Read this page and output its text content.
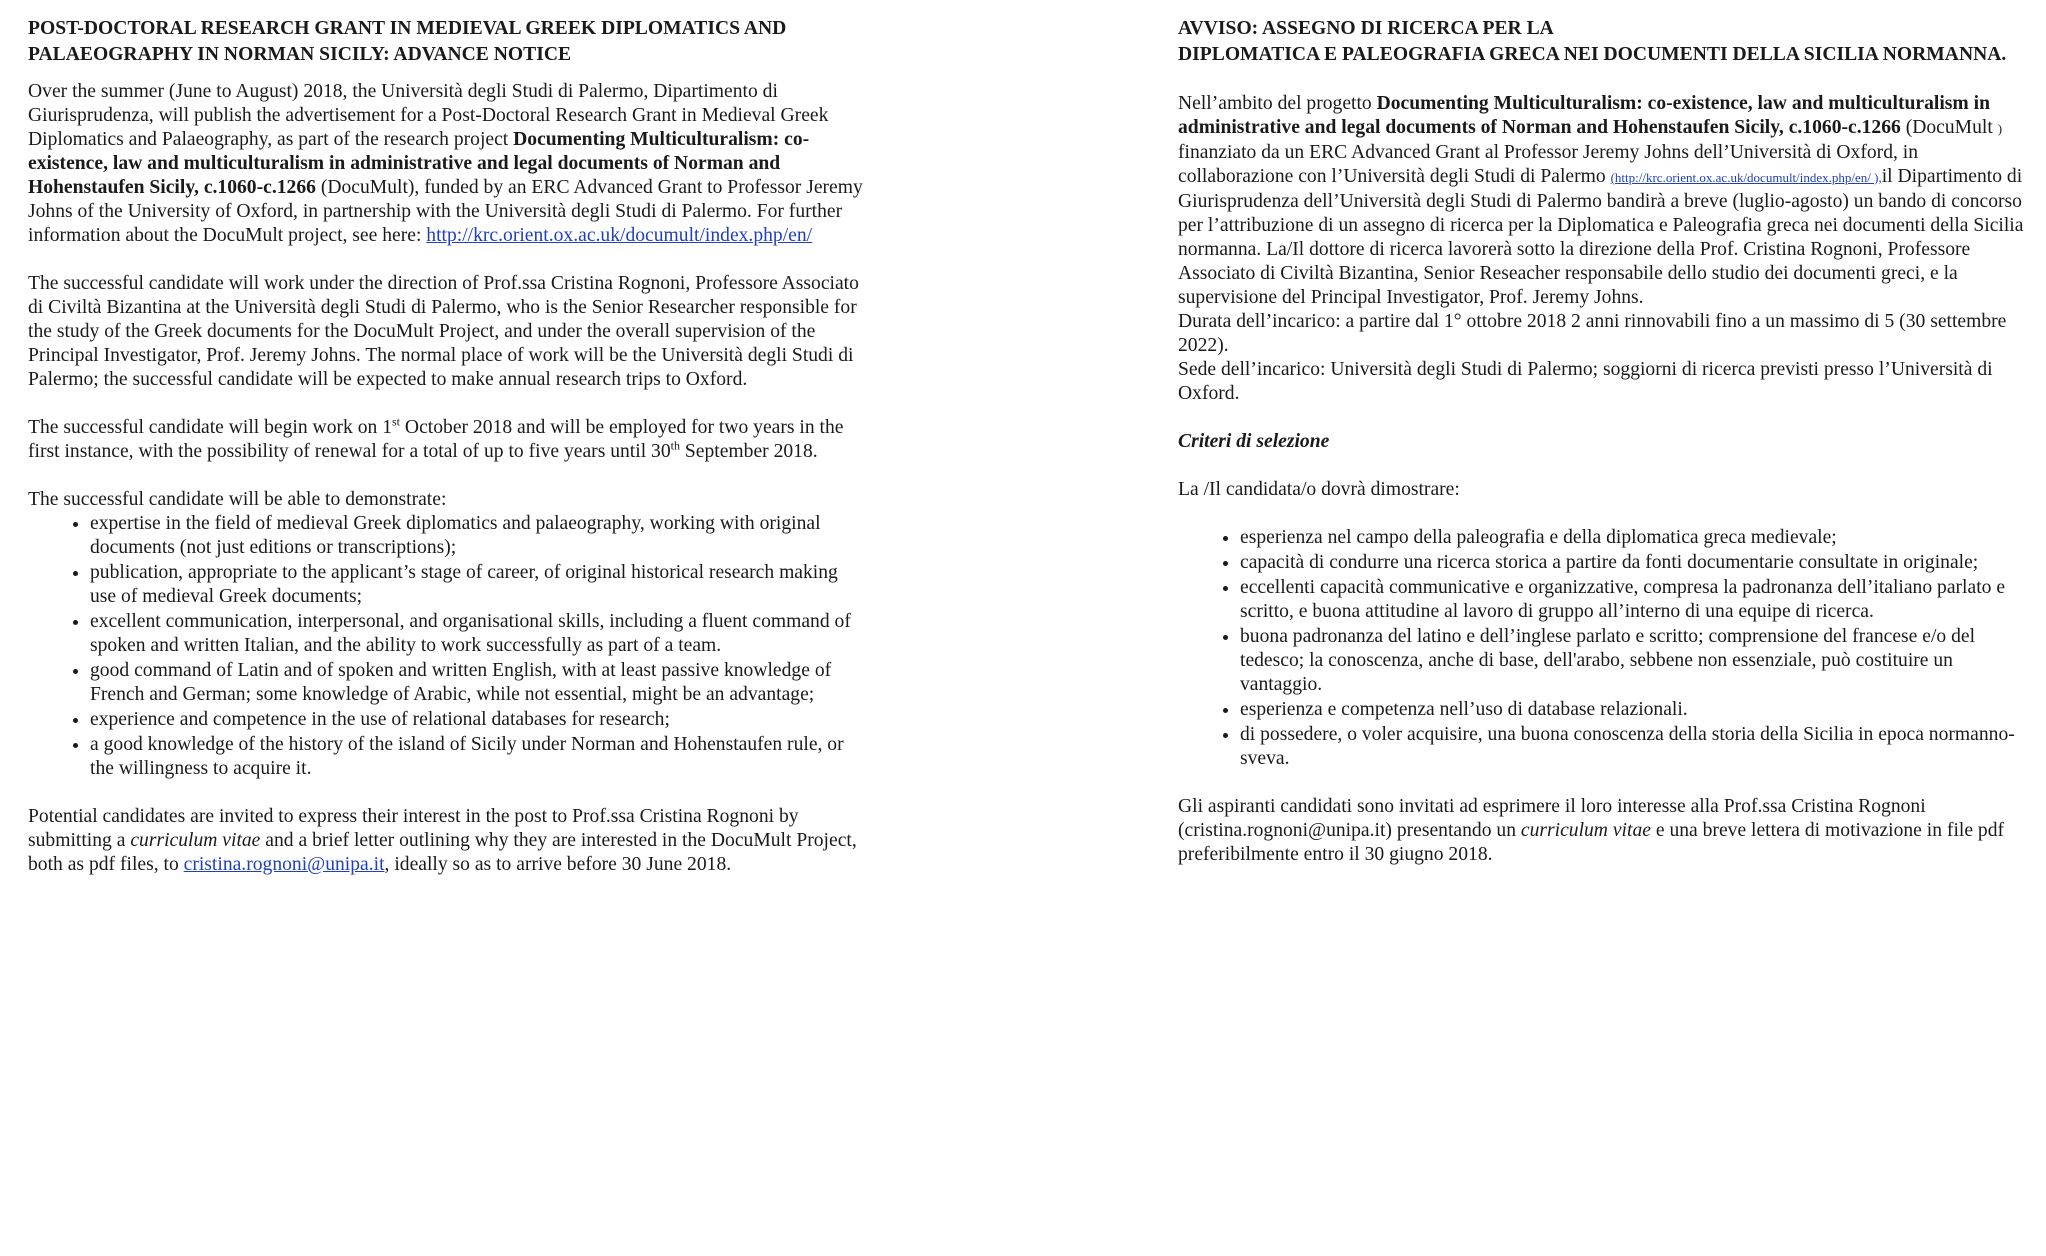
POST-DOCTORAL RESEARCH GRANT IN MEDIEVAL GREEK DIPLOMATICS AND PALAEOGRAPHY IN NORMAN SICILY: ADVANCE NOTICE

Over the summer (June to August) 2018, the Università degli Studi di Palermo, Dipartimento di Giurisprudenza, will publish the advertisement for a Post-Doctoral Research Grant in Medieval Greek Diplomatics and Palaeography, as part of the research project Documenting Multiculturalism: co-existence, law and multiculturalism in administrative and legal documents of Norman and Hohenstaufen Sicily, c.1060-c.1266 (DocuMult), funded by an ERC Advanced Grant to Professor Jeremy Johns of the University of Oxford, in partnership with the Università degli Studi di Palermo. For further information about the DocuMult project, see here: http://krc.orient.ox.ac.uk/documult/index.php/en/

The successful candidate will work under the direction of Prof.ssa Cristina Rognoni, Professore Associato di Civiltà Bizantina at the Università degli Studi di Palermo, who is the Senior Researcher responsible for the study of the Greek documents for the DocuMult Project, and under the overall supervision of the Principal Investigator, Prof. Jeremy Johns. The normal place of work will be the Università degli Studi di Palermo; the successful candidate will be expected to make annual research trips to Oxford.

The successful candidate will begin work on 1st October 2018 and will be employed for two years in the first instance, with the possibility of renewal for a total of up to five years until 30th September 2018.

The successful candidate will be able to demonstrate:

• expertise in the field of medieval Greek diplomatics and palaeography, working with original documents (not just editions or transcriptions);
• publication, appropriate to the applicant’s stage of career, of original historical research making use of medieval Greek documents;
• excellent communication, interpersonal, and organisational skills, including a fluent command of spoken and written Italian, and the ability to work successfully as part of a team.
• good command of Latin and of spoken and written English, with at least passive knowledge of French and German; some knowledge of Arabic, while not essential, might be an advantage;
• experience and competence in the use of relational databases for research;
• a good knowledge of the history of the island of Sicily under Norman and Hohenstaufen rule, or the willingness to acquire it.

Potential candidates are invited to express their interest in the post to Prof.ssa Cristina Rognoni by submitting a curriculum vitae and a brief letter outlining why they are interested in the DocuMult Project, both as pdf files, to cristina.rognoni@unipa.it, ideally so as to arrive before 30 June 2018.

AVVISO: ASSEGNO DI RICERCA PER LA
DIPLOMATICA E PALEOGRAFIA GRECA NEI DOCUMENTI DELLA SICILIA NORMANNA.

Nell’ambito del progetto Documenting Multiculturalism: co-existence, law and multiculturalism in administrative and legal documents of Norman and Hohenstaufen Sicily, c.1060-c.1266 (DocuMult ) finanziato da un ERC Advanced Grant al Professor Jeremy Johns dell’Università di Oxford, in collaborazione con l’Università degli Studi di Palermo (http://krc.orient.ox.ac.uk/documult/index.php/en/ ),il Dipartimento di Giurisprudenza dell’Università degli Studi di Palermo bandirà a breve (luglio-agosto) un bando di concorso per l’attribuzione di un assegno di ricerca per la Diplomatica e Paleografia greca nei documenti della Sicilia normanna. La/Il dottore di ricerca lavorerà sotto la direzione della Prof. Cristina Rognoni, Professore Associato di Civiltà Bizantina, Senior Reseacher responsabile dello studio dei documenti greci, e la supervisione del Principal Investigator, Prof. Jeremy Johns.

Durata dell’incarico: a partire dal 1° ottobre 2018 2 anni rinnovabili fino a un massimo di 5 (30 settembre 2022).

Sede dell’incarico: Università degli Studi di Palermo; soggiorni di ricerca previsti presso l’Università di Oxford.

Criteri di selezione

La /Il candidata/o dovrà dimostrare:

• esperienza nel campo della paleografia e della diplomatica greca medievale;
• capacità di condurre una ricerca storica a partire da fonti documentarie consultate in originale;
• eccellenti capacità communicative e organizzative, compresa la padronanza dell’italiano parlato e scritto, e buona attitudine al lavoro di gruppo all’interno di una equipe di ricerca.
• buona padronanza del latino e dell’inglese parlato e scritto; comprensione del francese e/o del tedesco; la conoscenza, anche di base, dell'arabo, sebbene non essenziale, può costituire un vantaggio.
• esperienza e competenza nell’uso di database relazionali.
• di possedere, o voler acquisire, una buona conoscenza della storia della Sicilia in epoca normanno-sveva.

Gli aspiranti candidati sono invitati ad esprimere il loro interesse alla Prof.ssa Cristina Rognoni (cristina.rognoni@unipa.it) presentando un curriculum vitae e una breve lettera di motivazione in file pdf preferibilmente entro il 30 giugno 2018.
